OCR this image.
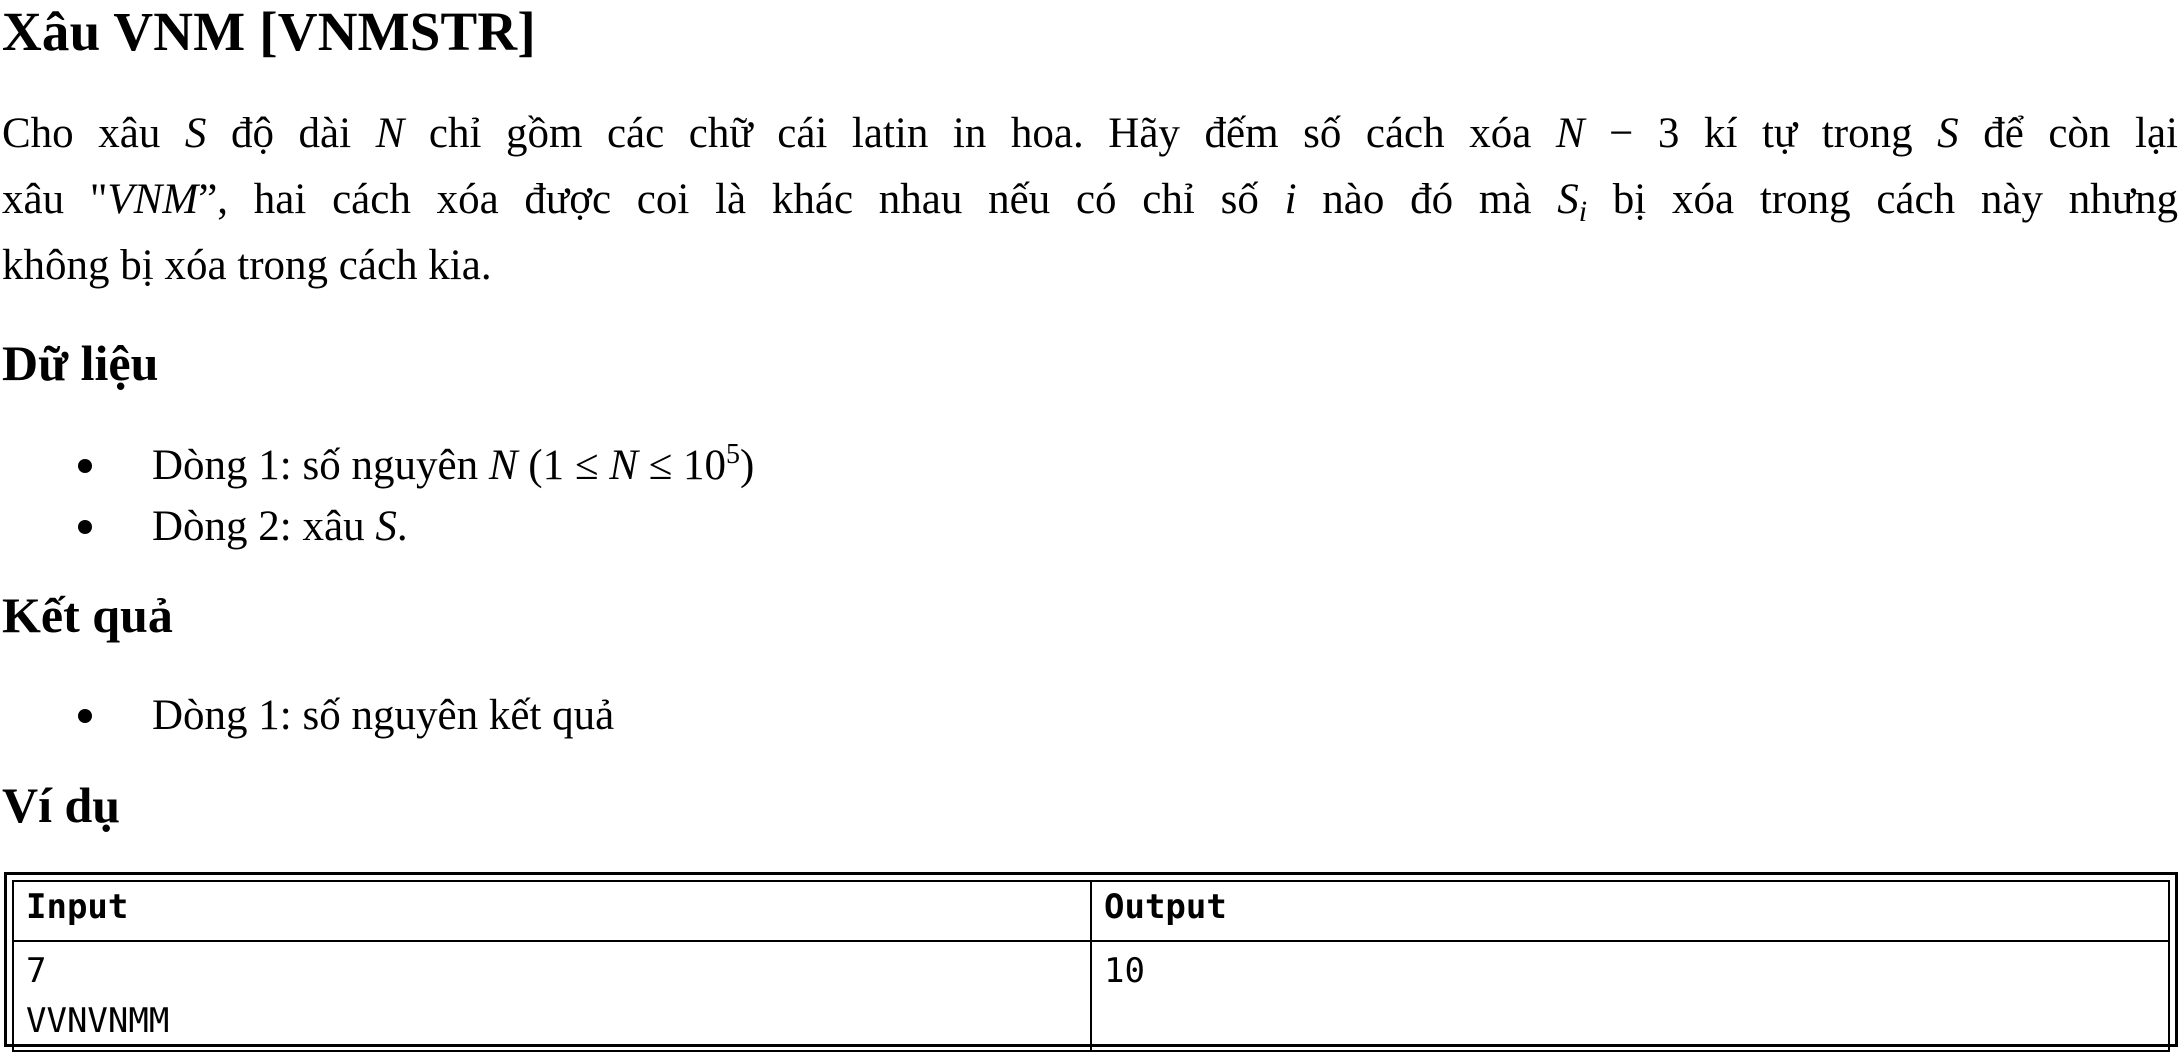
Xâu VNM [VNMSTR]
Cho xâu S độ dài N chỉ gồm các chữ cái latin in hoa. Hãy đếm số cách xóa N − 3 kí tự trong S để còn lại
xâu "VNM”, hai cách xóa được coi là khác nhau nếu có chỉ số i nào đó mà $S_i$ bị xóa trong cách này nhưng
không bị xóa trong cách kia.
Dữ liệu
Dòng 1: số nguyên N $(1 \le N \le 10^5)$
Dòng 2: xâu S.
Kết quả
Dòng 1: số nguyên kết quả
Ví dụ
Input	Output
7
VVNVNMM	10
